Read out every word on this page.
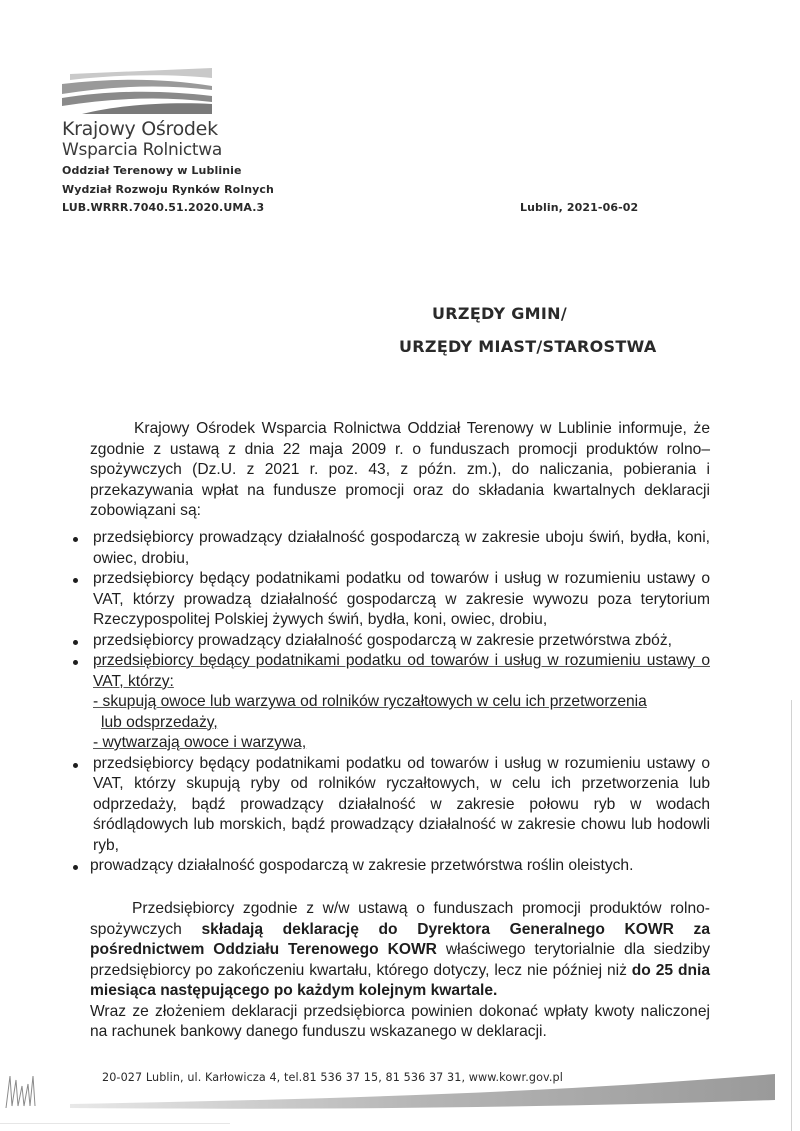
Krajowy Ośrodek
Wsparcia Rolnictwa
Oddział Terenowy w Lublinie
Wydział Rozwoju Rynków Rolnych
LUB.WRRR.7040.51.2020.UMA.3	Lublin, 2021-06-02
URZĘDY GMIN/
URZĘDY MIAST/STAROSTWA
Krajowy Ośrodek Wsparcia Rolnictwa Oddział Terenowy w Lublinie informuje, że zgodnie z ustawą z dnia 22 maja 2009 r. o funduszach promocji produktów rolno–spożywczych (Dz.U. z 2021 r. poz. 43, z późn. zm.), do naliczania, pobierania i przekazywania wpłat na fundusze promocji oraz do składania kwartalnych deklaracji zobowiązani są:
przedsiębiorcy prowadzący działalność gospodarczą w zakresie uboju świń, bydła, koni, owiec, drobiu,
przedsiębiorcy będący podatnikami podatku od towarów i usług w rozumieniu ustawy o VAT, którzy prowadzą działalność gospodarczą w zakresie wywozu poza terytorium Rzeczypospolitej Polskiej żywych świń, bydła, koni, owiec, drobiu,
przedsiębiorcy prowadzący działalność gospodarczą w zakresie przetwórstwa zbóż,
przedsiębiorcy będący podatnikami podatku od towarów i usług w rozumieniu ustawy o VAT, którzy:
- skupują owoce lub warzywa od rolników ryczałtowych w celu ich przetworzenia
lub odsprzedaży,
- wytwarzają owoce i warzywa,
przedsiębiorcy będący podatnikami podatku od towarów i usług w rozumieniu ustawy o VAT, którzy skupują ryby od rolników ryczałtowych, w celu ich przetworzenia lub odprzedaży, bądź prowadzący działalność w zakresie połowu ryb w wodach śródlądowych lub morskich, bądź prowadzący działalność w zakresie chowu lub hodowli ryb,
prowadzący działalność gospodarczą w zakresie przetwórstwa roślin oleistych.
Przedsiębiorcy zgodnie z w/w ustawą o funduszach promocji produktów rolno-spożywczych składają deklarację do Dyrektora Generalnego KOWR za pośrednictwem Oddziału Terenowego KOWR właściwego terytorialnie dla siedziby przedsiębiorcy po zakończeniu kwartału, którego dotyczy, lecz nie później niż do 25 dnia miesiąca następującego po każdym kolejnym kwartale.
Wraz ze złożeniem deklaracji przedsiębiorca powinien dokonać wpłaty kwoty naliczonej na rachunek bankowy danego funduszu wskazanego w deklaracji.
20-027 Lublin, ul. Karłowicza 4, tel.81 536 37 15, 81 536 37 31, www.kowr.gov.pl
